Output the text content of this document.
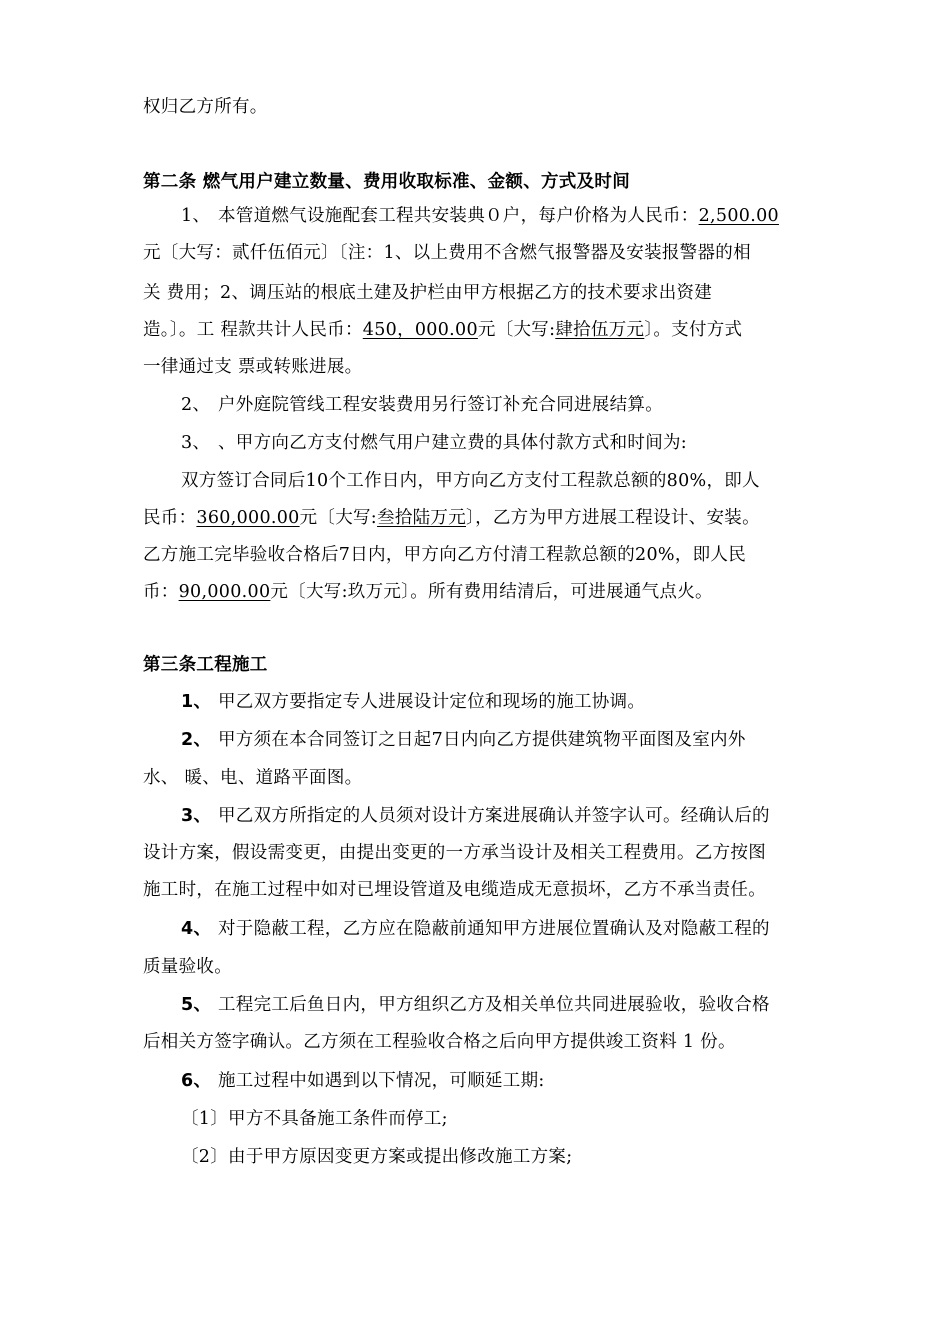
权归乙方所有。
第二条 燃气用户建立数量、费用收取标准、金额、方式及时间
1、 本管道燃气设施配套工程共安装典０户，每户价格为人民币：2,500.00
元〔大写：贰仟伍佰元〕〔注：1、以上费用不含燃气报警器及安装报警器的相
关 费用；2、调压站的根底土建及护栏由甲方根据乙方的技术要求出资建
造。〕。工 程款共计人民币：450，000.00元〔大写:肆拾伍万元〕。支付方式
一律通过支 票或转账进展。
2、 户外庭院管线工程安装费用另行签订补充合同进展结算。
3、 、甲方向乙方支付燃气用户建立费的具体付款方式和时间为:
双方签订合同后10个工作日内，甲方向乙方支付工程款总额的80%，即人
民币：360,000.00元〔大写:叁拾陆万元〕，乙方为甲方进展工程设计、安装。
乙方施工完毕验收合格后7日内，甲方向乙方付清工程款总额的20%，即人民
币：90,000.00元〔大写:玖万元〕。所有费用结清后，可进展通气点火。
第三条工程施工
1、 甲乙双方要指定专人进展设计定位和现场的施工协调。
2、 甲方须在本合同签订之日起7日内向乙方提供建筑物平面图及室内外
水、 暖、电、道路平面图。
3、 甲乙双方所指定的人员须对设计方案进展确认并签字认可。经确认后的
设计方案，假设需变更，由提出变更的一方承当设计及相关工程费用。乙方按图
施工时，在施工过程中如对已埋设管道及电缆造成无意损坏，乙方不承当责任。
4、 对于隐蔽工程，乙方应在隐蔽前通知甲方进展位置确认及对隐蔽工程的
质量验收。
5、 工程完工后鱼日内，甲方组织乙方及相关单位共同进展验收，验收合格
后相关方签字确认。乙方须在工程验收合格之后向甲方提供竣工资料 1 份。
6、 施工过程中如遇到以下情况，可顺延工期:
〔1〕甲方不具备施工条件而停工;
〔2〕由于甲方原因变更方案或提出修改施工方案;
